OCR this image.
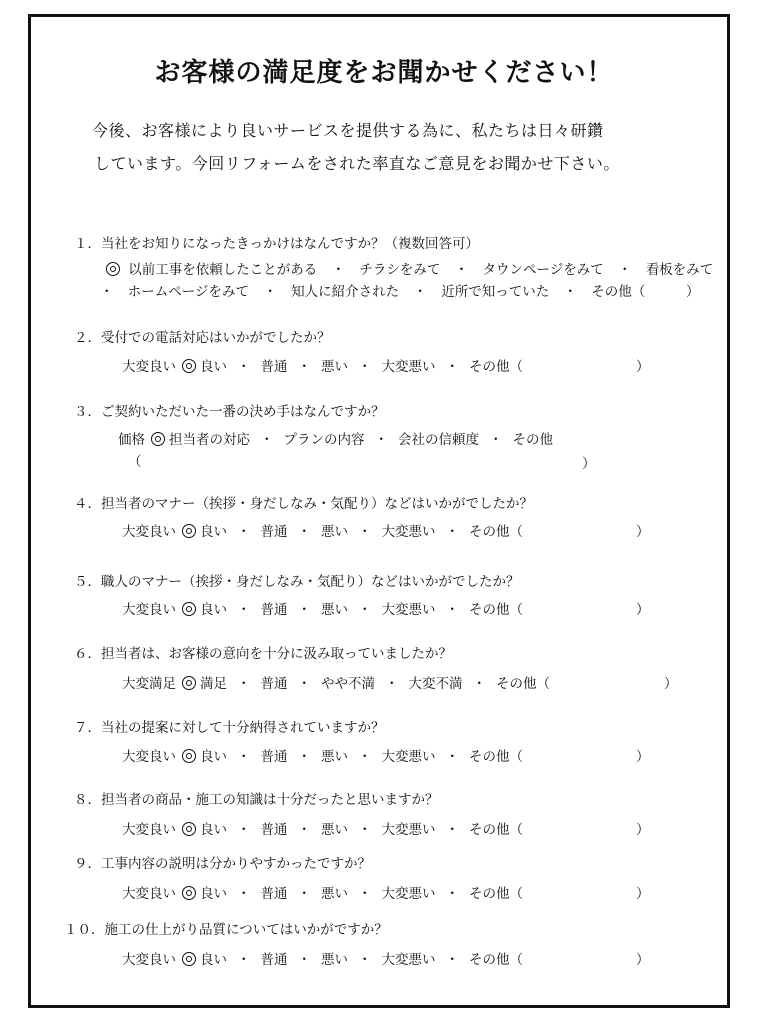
お客様の満足度をお聞かせください！
今後、お客様により良いサービスを提供する為に、私たちは日々研鑽
しています。今回リフォームをされた率直なご意見をお聞かせ下さい。
１．当社をお知りになったきっかけはなんですか？（複数回答可）
以前工事を依頼したことがある ・ チラシをみて ・ タウンページをみて ・ 看板をみて
・ ホームページをみて ・ 知人に紹介された ・ 近所で知っていた ・ その他（	）
２．受付での電話対応はいかがでしたか？
大変良い 良い ・ 普通 ・ 悪い ・ 大変悪い ・ その他（	）
３．ご契約いただいた一番の決め手はなんですか？
価格 担当者の対応 ・ プランの内容 ・ 会社の信頼度 ・ その他
（	）
４．担当者のマナー（挨拶・身だしなみ・気配り）などはいかがでしたか？
大変良い 良い ・ 普通 ・ 悪い ・ 大変悪い ・ その他（	）
５．職人のマナー（挨拶・身だしなみ・気配り）などはいかがでしたか？
大変良い 良い ・ 普通 ・ 悪い ・ 大変悪い ・ その他（	）
６．担当者は、お客様の意向を十分に汲み取っていましたか？
大変満足 満足 ・ 普通 ・ やや不満 ・ 大変不満 ・ その他（	）
７．当社の提案に対して十分納得されていますか？
大変良い 良い ・ 普通 ・ 悪い ・ 大変悪い ・ その他（	）
８．担当者の商品・施工の知識は十分だったと思いますか？
大変良い 良い ・ 普通 ・ 悪い ・ 大変悪い ・ その他（	）
９．工事内容の説明は分かりやすかったですか？
大変良い 良い ・ 普通 ・ 悪い ・ 大変悪い ・ その他（	）
１０．施工の仕上がり品質についてはいかがですか？
大変良い 良い ・ 普通 ・ 悪い ・ 大変悪い ・ その他（	）
